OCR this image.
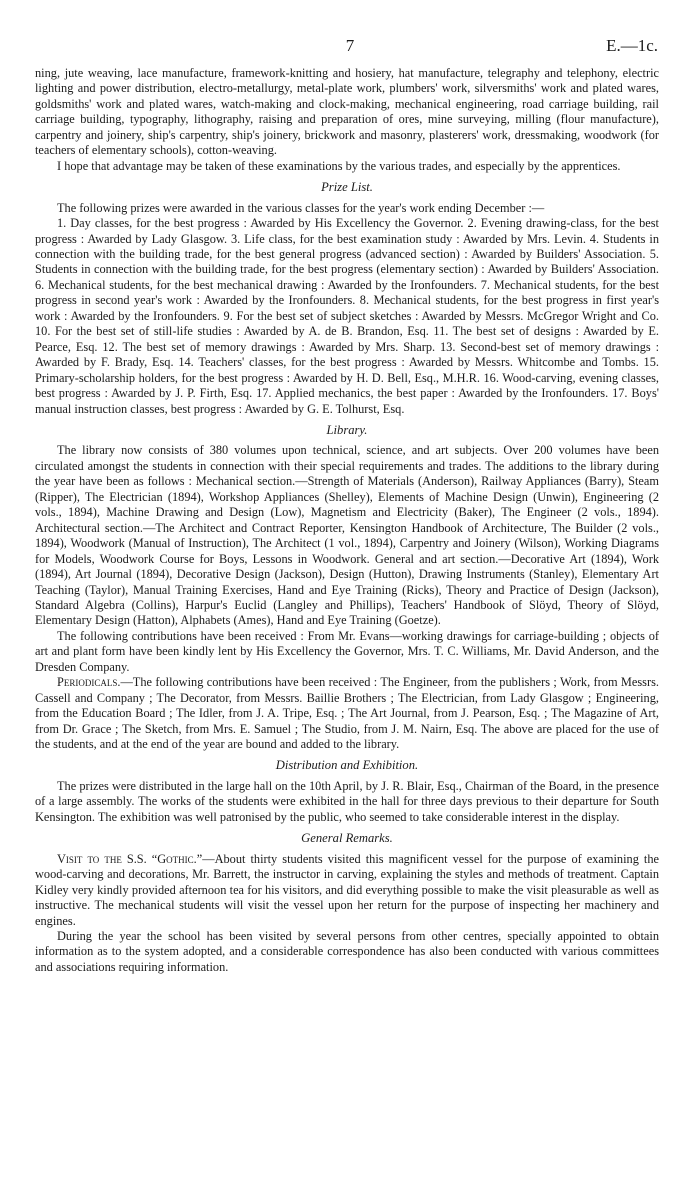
7	E.—1c.

ning, jute weaving, lace manufacture, framework-knitting and hosiery, hat manufacture, telegraphy and telephony, electric lighting and power distribution, electro-metallurgy, metal-plate work, plumbers' work, silversmiths' work and plated wares, goldsmiths' work and plated wares, watch-making and clock-making, mechanical engineering, road carriage building, rail carriage building, typography, lithography, raising and preparation of ores, mine surveying, milling (flour manufacture), carpentry and joinery, ship's carpentry, ship's joinery, brickwork and masonry, plasterers' work, dressmaking, woodwork (for teachers of elementary schools), cotton-weaving.

I hope that advantage may be taken of these examinations by the various trades, and especially by the apprentices.

Prize List.

The following prizes were awarded in the various classes for the year's work ending December :—

1. Day classes, for the best progress : Awarded by His Excellency the Governor. 2. Evening drawing-class, for the best progress : Awarded by Lady Glasgow. 3. Life class, for the best examination study : Awarded by Mrs. Levin. 4. Students in connection with the building trade, for the best general progress (advanced section) : Awarded by Builders' Association. 5. Students in connection with the building trade, for the best progress (elementary section) : Awarded by Builders' Association. 6. Mechanical students, for the best mechanical drawing : Awarded by the Ironfounders. 7. Mechanical students, for the best progress in second year's work : Awarded by the Ironfounders. 8. Mechanical students, for the best progress in first year's work : Awarded by the Ironfounders. 9. For the best set of subject sketches : Awarded by Messrs. McGregor Wright and Co. 10. For the best set of still-life studies : Awarded by A. de B. Brandon, Esq. 11. The best set of designs : Awarded by E. Pearce, Esq. 12. The best set of memory drawings : Awarded by Mrs. Sharp. 13. Second-best set of memory drawings : Awarded by F. Brady, Esq. 14. Teachers' classes, for the best progress : Awarded by Messrs. Whitcombe and Tombs. 15. Primary-scholarship holders, for the best progress : Awarded by H. D. Bell, Esq., M.H.R. 16. Wood-carving, evening classes, best progress : Awarded by J. P. Firth, Esq. 17. Applied mechanics, the best paper : Awarded by the Ironfounders. 17. Boys' manual instruction classes, best progress : Awarded by G. E. Tolhurst, Esq.

Library.

The library now consists of 380 volumes upon technical, science, and art subjects. Over 200 volumes have been circulated amongst the students in connection with their special requirements and trades. The additions to the library during the year have been as follows : Mechanical section.—Strength of Materials (Anderson), Railway Appliances (Barry), Steam (Ripper), The Electrician (1894), Workshop Appliances (Shelley), Elements of Machine Design (Unwin), Engineering (2 vols., 1894), Machine Drawing and Design (Low), Magnetism and Electricity (Baker), The Engineer (2 vols., 1894). Architectural section.—The Architect and Contract Reporter, Kensington Handbook of Architecture, The Builder (2 vols., 1894), Woodwork (Manual of Instruction), The Architect (1 vol., 1894), Carpentry and Joinery (Wilson), Working Diagrams for Models, Woodwork Course for Boys, Lessons in Woodwork. General and art section.—Decorative Art (1894), Work (1894), Art Journal (1894), Decorative Design (Jackson), Design (Hutton), Drawing Instruments (Stanley), Elementary Art Teaching (Taylor), Manual Training Exercises, Hand and Eye Training (Ricks), Theory and Practice of Design (Jackson), Standard Algebra (Collins), Harpur's Euclid (Langley and Phillips), Teachers' Handbook of Slöyd, Theory of Slöyd, Elementary Design (Hatton), Alphabets (Ames), Hand and Eye Training (Goetze).

The following contributions have been received : From Mr. Evans—working drawings for carriage-building ; objects of art and plant form have been kindly lent by His Excellency the Governor, Mrs. T. C. Williams, Mr. David Anderson, and the Dresden Company.

Periodicals.—The following contributions have been received : The Engineer, from the publishers ; Work, from Messrs. Cassell and Company ; The Decorator, from Messrs. Baillie Brothers ; The Electrician, from Lady Glasgow ; Engineering, from the Education Board ; The Idler, from J. A. Tripe, Esq. ; The Art Journal, from J. Pearson, Esq. ; The Magazine of Art, from Dr. Grace ; The Sketch, from Mrs. E. Samuel ; The Studio, from J. M. Nairn, Esq. The above are placed for the use of the students, and at the end of the year are bound and added to the library.

Distribution and Exhibition.

The prizes were distributed in the large hall on the 10th April, by J. R. Blair, Esq., Chairman of the Board, in the presence of a large assembly. The works of the students were exhibited in the hall for three days previous to their departure for South Kensington. The exhibition was well patronised by the public, who seemed to take considerable interest in the display.

General Remarks.

Visit to the S.S. “Gothic.”—About thirty students visited this magnificent vessel for the purpose of examining the wood-carving and decorations, Mr. Barrett, the instructor in carving, explaining the styles and methods of treatment. Captain Kidley very kindly provided afternoon tea for his visitors, and did everything possible to make the visit pleasurable as well as instructive. The mechanical students will visit the vessel upon her return for the purpose of inspecting her machinery and engines.

During the year the school has been visited by several persons from other centres, specially appointed to obtain information as to the system adopted, and a considerable correspondence has also been conducted with various committees and associations requiring information.
